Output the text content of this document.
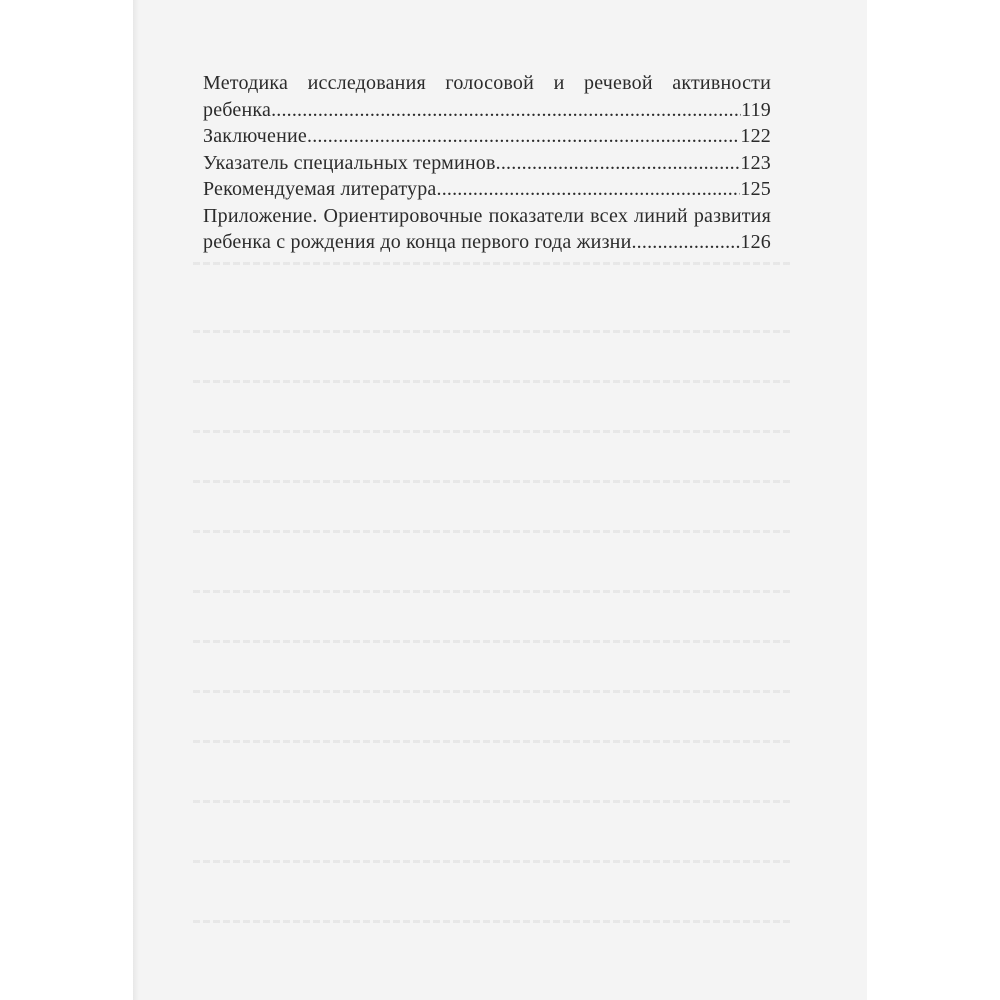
Методика исследования голосовой и речевой активности
ребенка .....	119
Заключение .....	122
Указатель специальных терминов .....	123
Рекомендуемая литература .....	125
Приложение. Ориентировочные показатели всех линий развития
ребенка с рождения до конца первого года жизни .....	126
